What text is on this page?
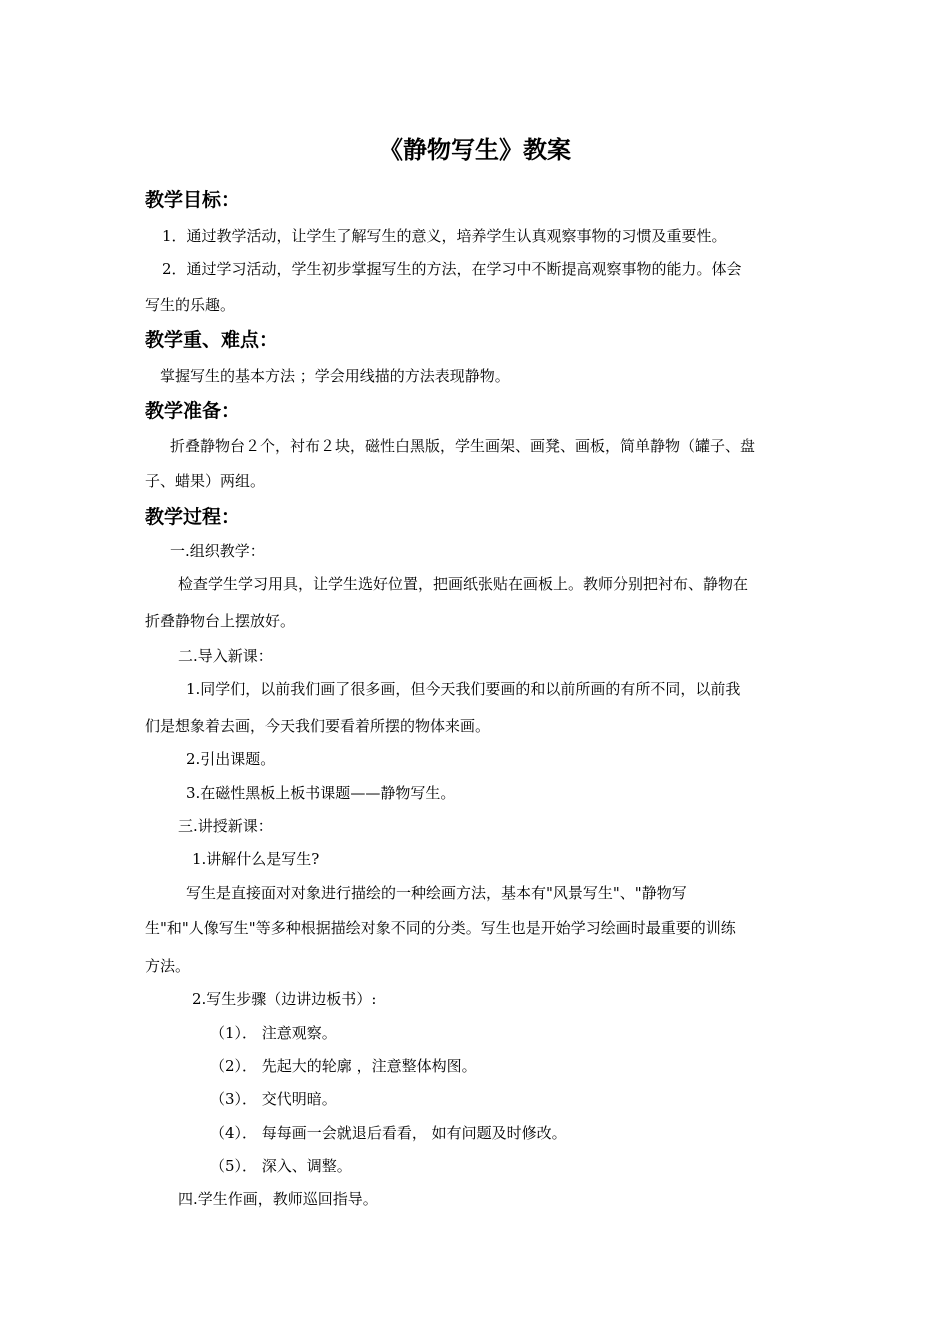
《静物写生》教案
教学目标：
1．通过教学活动，让学生了解写生的意义，培养学生认真观察事物的习惯及重要性。
2．通过学习活动，学生初步掌握写生的方法，在学习中不断提高观察事物的能力。体会
写生的乐趣。
教学重、难点：
掌握写生的基本方法 ；学会用线描的方法表现静物。
教学准备：
折叠静物台２个，衬布２块，磁性白黑版，学生画架、画凳、画板，简单静物（罐子、盘
子、蜡果）两组。
教学过程：
一.组织教学：
检查学生学习用具，让学生选好位置，把画纸张贴在画板上。教师分别把衬布、静物在
折叠静物台上摆放好。
二.导入新课：
1.同学们，以前我们画了很多画，但今天我们要画的和以前所画的有所不同，以前我
们是想象着去画，今天我们要看着所摆的物体来画。
2.引出课题。
3.在磁性黑板上板书课题——静物写生。
三.讲授新课：
1.讲解什么是写生?
写生是直接面对对象进行描绘的一种绘画方法，基本有"风景写生"、"静物写
生"和"人像写生"等多种根据描绘对象不同的分类。写生也是开始学习绘画时最重要的训练
方法。
2.写生步骤（边讲边板书）:
（1）． 注意观察。
（2）． 先起大的轮廓 ，注意整体构图。
（3）． 交代明暗。
（4）． 每每画一会就退后看看， 如有问题及时修改。
（5）． 深入、调整。
四.学生作画，教师巡回指导。
